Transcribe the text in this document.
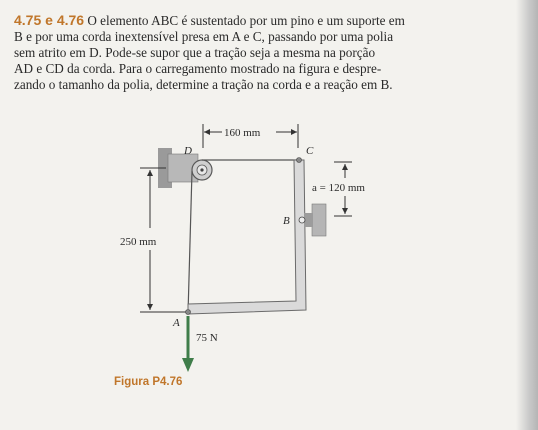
4.75 e 4.76 O elemento ABC é sustentado por um pino e um suporte em
B e por uma corda inextensível presa em A e C, passando por uma polia
sem atrito em D. Pode-se supor que a tração seja a mesma na porção
AD e CD da corda. Para o carregamento mostrado na figura e despre-
zando o tamanho da polia, determine a tração na corda e a reação em B.
160 mm
D	C
B
a = 120 mm
250 mm
A
75 N
Figura P4.76
